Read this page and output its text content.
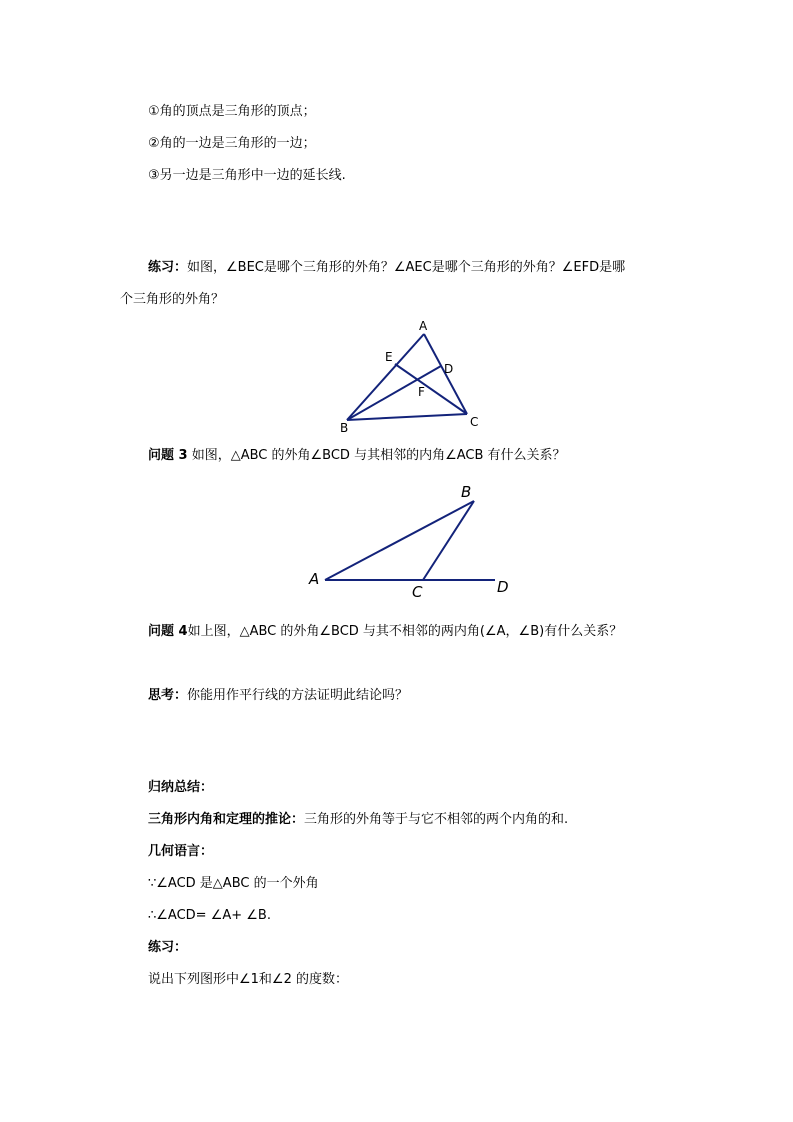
①角的顶点是三角形的顶点；
②角的一边是三角形的一边；
③另一边是三角形中一边的延长线.
练习：如图，∠BEC是哪个三角形的外角？∠AEC是哪个三角形的外角？∠EFD是哪
个三角形的外角？
A
E
D
F
B	C
问题 3 如图，△ABC 的外角∠BCD 与其相邻的内角∠ACB 有什么关系？
B
A
C	D
问题 4如上图，△ABC 的外角∠BCD 与其不相邻的两内角(∠A，∠B)有什么关系？
思考：你能用作平行线的方法证明此结论吗？
归纳总结：
三角形内角和定理的推论：三角形的外角等于与它不相邻的两个内角的和.
几何语言：
∵∠ACD 是△ABC 的一个外角
∴∠ACD= ∠A+ ∠B.
练习：
说出下列图形中∠1和∠2 的度数：
